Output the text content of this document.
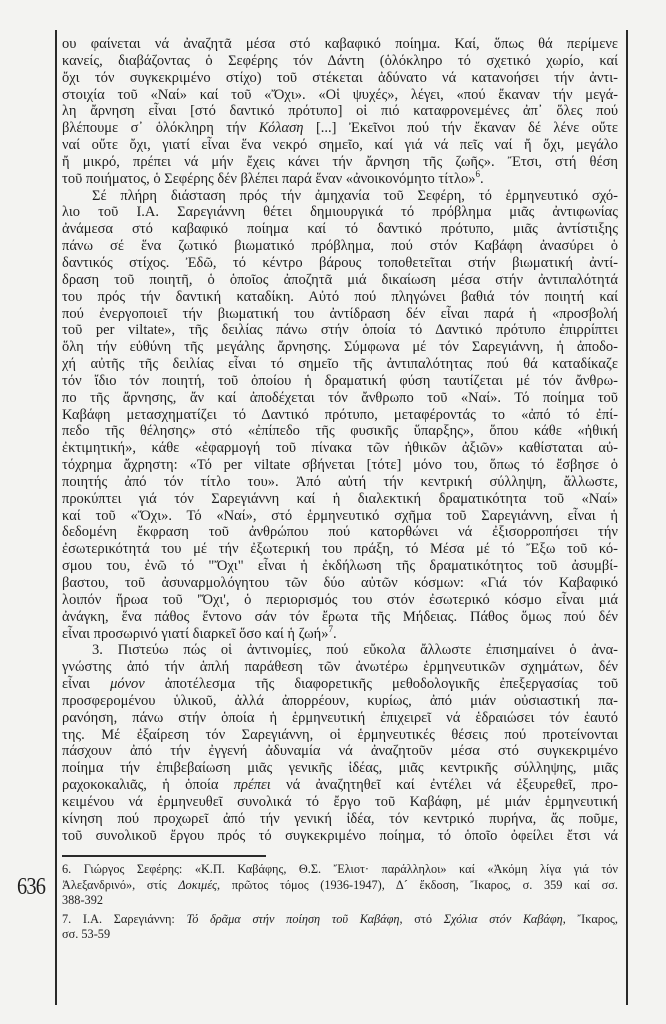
ου φαίνεται νά ἀναζητᾶ μέσα στό καβαφικό ποίημα. Καί, ὅπως θά περίμενε
κανείς, διαβάζοντας ὁ Σεφέρης τόν Δάντη (ὁλόκληρο τό σχετικό χωρίο, καί
ὄχι τόν συγκεκριμένο στίχο) τοῦ στέκεται ἀδύνατο νά κατανοήσει τήν ἀντι-
στοιχία τοῦ «Ναί» καί τοῦ «Ὄχι». «Οἱ ψυχές», λέγει, «πού ἔκαναν τήν μεγά-
λη ἄρνηση εἶναι [στό δαντικό πρότυπο] οἱ πιό καταφρονεμένες ἀπ᾿ ὅλες πού
βλέπουμε σ᾿ ὁλόκληρη τήν Κόλαση [...] Ἐκεῖνοι πού τήν ἔκαναν δέ λένε οὔτε
ναί οὔτε ὄχι, γιατί εἶναι ἕνα νεκρό σημεῖο, καί γιά νά πεῖς ναί ἤ ὄχι, μεγάλο
ἤ μικρό, πρέπει νά μήν ἔχεις κάνει τήν ἄρνηση τῆς ζωῆς». Ἔτσι, στή θέση
τοῦ ποιήματος, ὁ Σεφέρης δέν βλέπει παρά ἕναν «ἀνοικονόμητο τίτλο»$^6$.
Σέ πλήρη διάσταση πρός τήν ἀμηχανία τοῦ Σεφέρη, τό ἑρμηνευτικό σχό-
λιο τοῦ Ι.Α. Σαρεγιάννη θέτει δημιουργικά τό πρόβλημα μιᾶς ἀντιφωνίας
ἀνάμεσα στό καβαφικό ποίημα καί τό δαντικό πρότυπο, μιᾶς ἀντίστιξης
πάνω σέ ἕνα ζωτικό βιωματικό πρόβλημα, πού στόν Καβάφη ἀνασύρει ὁ
δαντικός στίχος. Ἐδῶ, τό κέντρο βάρους τοποθετεῖται στήν βιωματική ἀντί-
δραση τοῦ ποιητῆ, ὁ ὁποῖος ἀποζητᾶ μιά δικαίωση μέσα στήν ἀντιπαλότητά
του πρός τήν δαντική καταδίκη. Αὐτό πού πληγώνει βαθιά τόν ποιητή καί
πού ἐνεργοποιεῖ τήν βιωματική του ἀντίδραση δέν εἶναι παρά ἡ «προσβολή
τοῦ per viltate», τῆς δειλίας πάνω στήν ὁποία τό Δαντικό πρότυπο ἐπιρρίπτει
ὅλη τήν εὐθύνη τῆς μεγάλης ἄρνησης. Σύμφωνα μέ τόν Σαρεγιάννη, ἡ ἀποδο-
χή αὐτῆς τῆς δειλίας εἶναι τό σημεῖο τῆς ἀντιπαλότητας πού θά καταδίκαζε
τόν ἴδιο τόν ποιητή, τοῦ ὁποίου ἡ δραματική φύση ταυτίζεται μέ τόν ἄνθρω-
πο τῆς ἄρνησης, ἄν καί ἀποδέχεται τόν ἄνθρωπο τοῦ «Ναί». Τό ποίημα τοῦ
Καβάφη μετασχηματίζει τό Δαντικό πρότυπο, μεταφέροντάς το «ἀπό τό ἐπί-
πεδο τῆς θέλησης» στό «ἐπίπεδο τῆς φυσικῆς ὕπαρξης», ὅπου κάθε «ἠθική
ἐκτιμητική», κάθε «ἐφαρμογή τοῦ πίνακα τῶν ἠθικῶν ἀξιῶν» καθίσταται αὐ-
τόχρημα ἄχρηστη: «Τό per viltate σβήνεται [τότε] μόνο του, ὅπως τό ἔσβησε ὁ
ποιητής ἀπό τόν τίτλο του». Ἀπό αὐτή τήν κεντρική σύλληψη, ἄλλωστε,
προκύπτει γιά τόν Σαρεγιάννη καί ἡ διαλεκτική δραματικότητα τοῦ «Ναί»
καί τοῦ «Ὄχι». Τό «Ναί», στό ἑρμηνευτικό σχῆμα τοῦ Σαρεγιάννη, εἶναι ἡ
δεδομένη ἔκφραση τοῦ ἀνθρώπου πού κατορθώνει νά ἐξισορροπήσει τήν
ἐσωτερικότητά του μέ τήν ἐξωτερική του πράξη, τό Μέσα μέ τό Ἔξω τοῦ κό-
σμου του, ἐνῶ τό "Ὄχι" εἶναι ἡ ἐκδήλωση τῆς δραματικότητος τοῦ ἀσυμβί-
βαστου, τοῦ ἀσυναρμολόγητου τῶν δύο αὐτῶν κόσμων: «Γιά τόν Καβαφικό
λοιπόν ἥρωα τοῦ 'Ὄχι', ὁ περιορισμός του στόν ἐσωτερικό κόσμο εἶναι μιά
ἀνάγκη, ἕνα πάθος ἔντονο σάν τόν ἔρωτα τῆς Μήδειας. Πάθος ὅμως πού δέν
εἶναι προσωρινό γιατί διαρκεῖ ὅσο καί ἡ ζωή»$^7$.
3. Πιστεύω πώς οἱ ἀντινομίες, πού εὔκολα ἄλλωστε ἐπισημαίνει ὁ ἀνα-
γνώστης ἀπό τήν ἁπλή παράθεση τῶν ἀνωτέρω ἑρμηνευτικῶν σχημάτων, δέν
εἶναι μόνον ἀποτέλεσμα τῆς διαφορετικῆς μεθοδολογικῆς ἐπεξεργασίας τοῦ
προσφερομένου ὑλικοῦ, ἀλλά ἀπορρέουν, κυρίως, ἀπό μιάν οὐσιαστική πα-
ρανόηση, πάνω στήν ὁποία ἡ ἑρμηνευτική ἐπιχειρεῖ νά ἑδραιώσει τόν ἑαυτό
της. Μέ ἐξαίρεση τόν Σαρεγιάννη, οἱ ἑρμηνευτικές θέσεις πού προτείνονται
πάσχουν ἀπό τήν ἐγγενή ἀδυναμία νά ἀναζητοῦν μέσα στό συγκεκριμένο
ποίημα τήν ἐπιβεβαίωση μιᾶς γενικῆς ἰδέας, μιᾶς κεντρικῆς σύλληψης, μιᾶς
ραχοκοκαλιᾶς, ἡ ὁποία πρέπει νά ἀναζητηθεῖ καί ἐντέλει νά ἐξευρεθεῖ, προ-
κειμένου νά ἑρμηνευθεῖ συνολικά τό ἔργο τοῦ Καβάφη, μέ μιάν ἑρμηνευτική
κίνηση πού προχωρεῖ ἀπό τήν γενική ἰδέα, τόν κεντρικό πυρήνα, ἄς ποῦμε,
τοῦ συνολικοῦ ἔργου πρός τό συγκεκριμένο ποίημα, τό ὁποῖο ὀφείλει ἔτσι νά
636
6. Γιώργος Σεφέρης: «Κ.Π. Καβάφης, Θ.Σ. Ἔλιοτ· παράλληλοι» καί «Ἀκόμη λίγα γιά τόν
Ἀλεξανδρινό», στίς Δοκιμές, πρῶτος τόμος (1936-1947), Δ´ ἔκδοση, Ἴκαρος, σ. 359 καί σσ.
388-392
7. Ι.Α. Σαρεγιάννη: Τό δρᾶμα στήν ποίηση τοῦ Καβάφη, στό Σχόλια στόν Καβάφη, Ἴκαρος,
σσ. 53-59
